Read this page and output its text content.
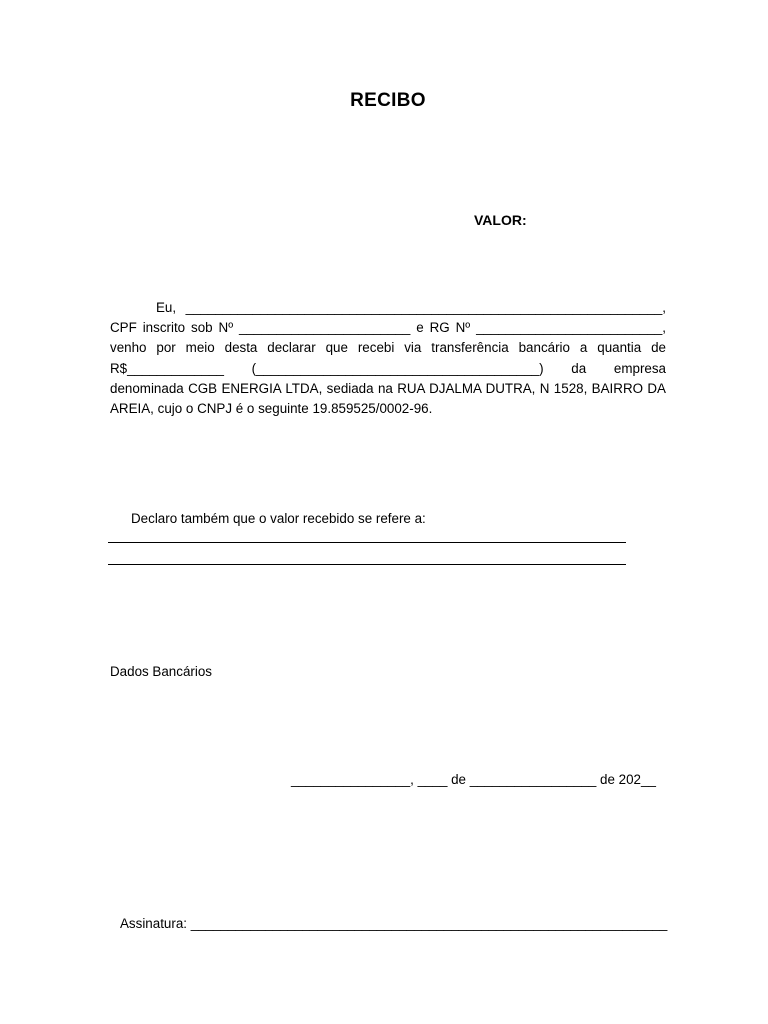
RECIBO
VALOR:
Eu, ________________________________________________________________, CPF inscrito sob Nº _______________________ e RG Nº _________________________, venho por meio desta declarar que recebi via transferência bancário a quantia de R$_____________ (______________________________________) da empresa denominada CGB ENERGIA LTDA, sediada na RUA DJALMA DUTRA, N 1528, BAIRRO DA AREIA, cujo o CNPJ é o seguinte 19.859525/0002-96.
Declaro também que o valor recebido se refere a:
Dados Bancários
________________, ____ de _________________ de 202__
Assinatura: ________________________________________________________________
